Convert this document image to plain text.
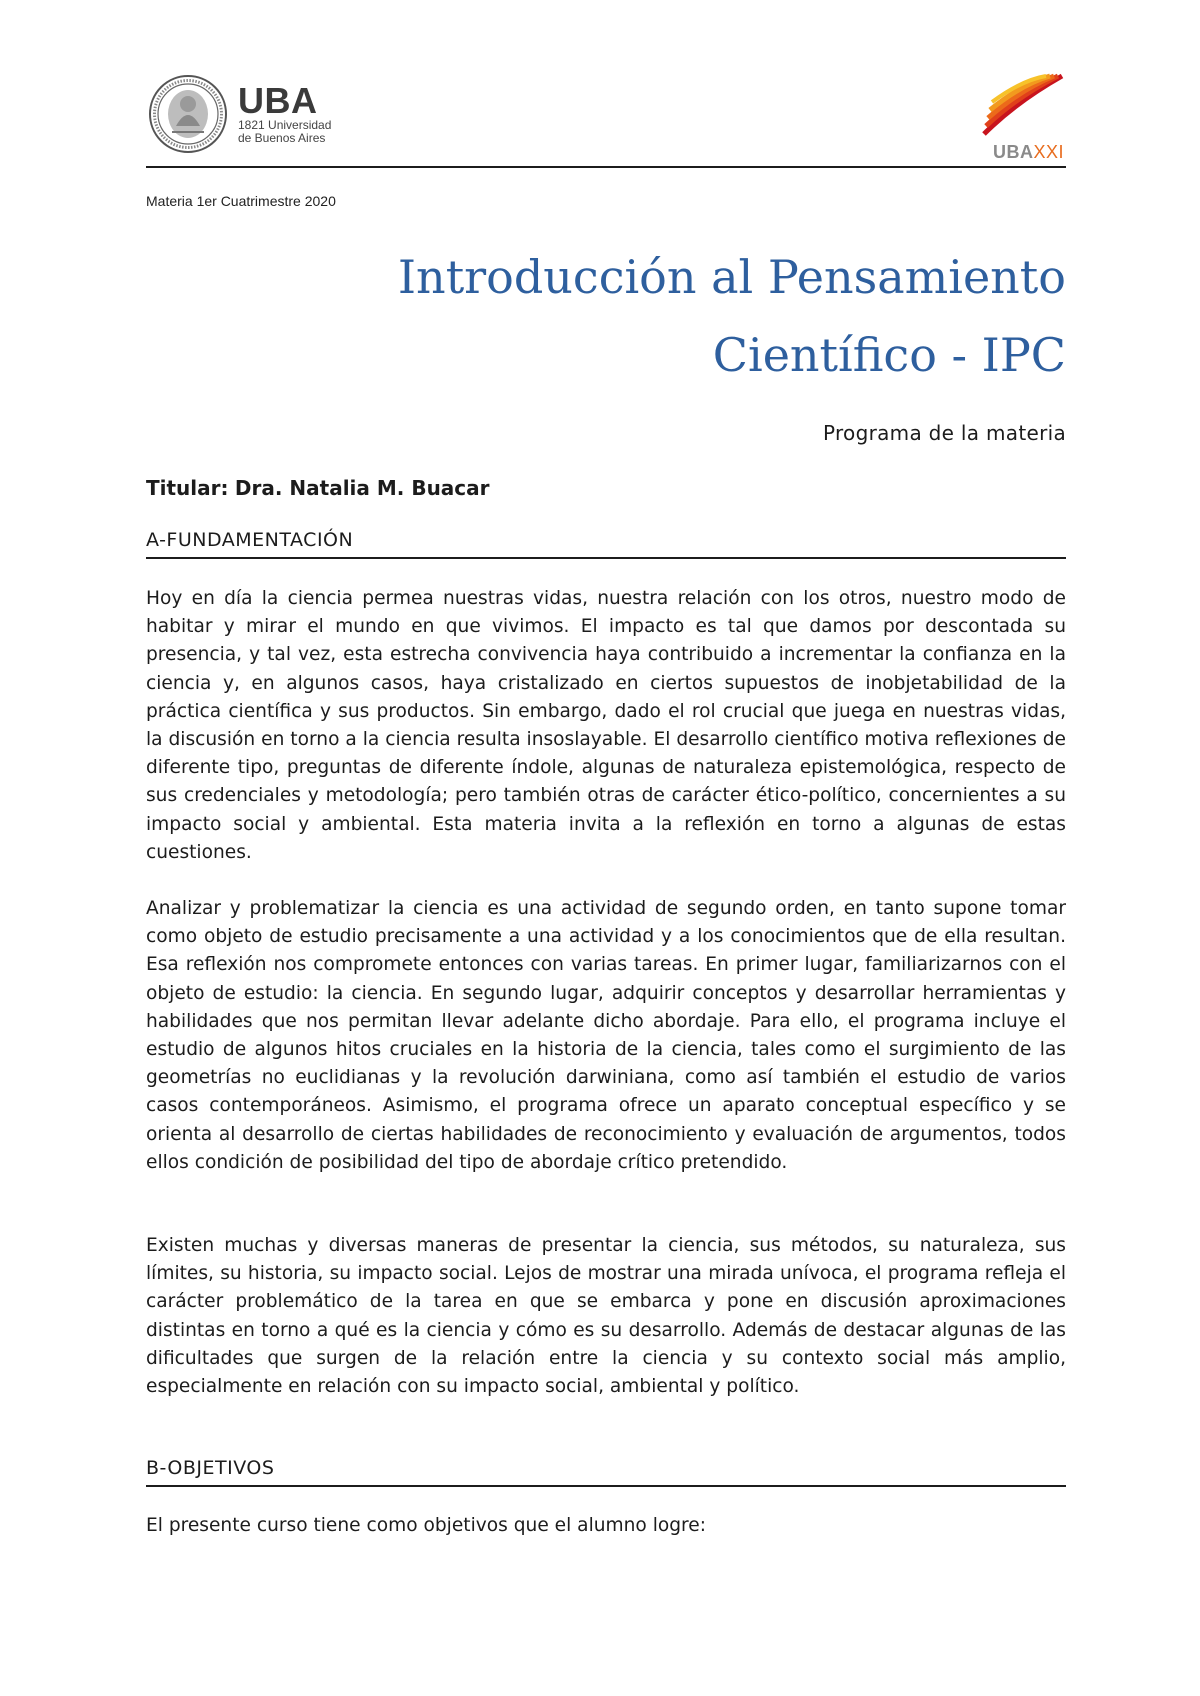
UBA
1821 Universidad
de Buenos Aires
UBAXXI
Materia 1er Cuatrimestre 2020
Introducción al Pensamiento
Científico - IPC
Programa de la materia
Titular: Dra. Natalia M. Buacar
A-FUNDAMENTACIÓN

Hoy en día la ciencia permea nuestras vidas, nuestra relación con los otros, nuestro modo de habitar y mirar el mundo en que vivimos. El impacto es tal que damos por descontada su presencia, y tal vez, esta estrecha convivencia haya contribuido a incrementar la confianza en la ciencia y, en algunos casos, haya cristalizado en ciertos supuestos de inobjetabilidad de la práctica científica y sus productos. Sin embargo, dado el rol crucial que juega en nuestras vidas, la discusión en torno a la ciencia resulta insoslayable. El desarrollo científico motiva reflexiones de diferente tipo, preguntas de diferente índole, algunas de naturaleza epistemológica, respecto de sus credenciales y metodología; pero también otras de carácter ético-político, concernientes a su impacto social y ambiental. Esta materia invita a la reflexión en torno a algunas de estas cuestiones.

Analizar y problematizar la ciencia es una actividad de segundo orden, en tanto supone tomar como objeto de estudio precisamente a una actividad y a los conocimientos que de ella resultan. Esa reflexión nos compromete entonces con varias tareas. En primer lugar, familiarizarnos con el objeto de estudio: la ciencia. En segundo lugar, adquirir conceptos y desarrollar herramientas y habilidades que nos permitan llevar adelante dicho abordaje. Para ello, el programa incluye el estudio de algunos hitos cruciales en la historia de la ciencia, tales como el surgimiento de las geometrías no euclidianas y la revolución darwiniana, como así también el estudio de varios casos contemporáneos. Asimismo, el programa ofrece un aparato conceptual específico y se orienta al desarrollo de ciertas habilidades de reconocimiento y evaluación de argumentos, todos ellos condición de posibilidad del tipo de abordaje crítico pretendido.

Existen muchas y diversas maneras de presentar la ciencia, sus métodos, su naturaleza, sus límites, su historia, su impacto social. Lejos de mostrar una mirada unívoca, el programa refleja el carácter problemático de la tarea en que se embarca y pone en discusión aproximaciones distintas en torno a qué es la ciencia y cómo es su desarrollo. Además de destacar algunas de las dificultades que surgen de la relación entre la ciencia y su contexto social más amplio, especialmente en relación con su impacto social, ambiental y político.

B-OBJETIVOS

El presente curso tiene como objetivos que el alumno logre:
